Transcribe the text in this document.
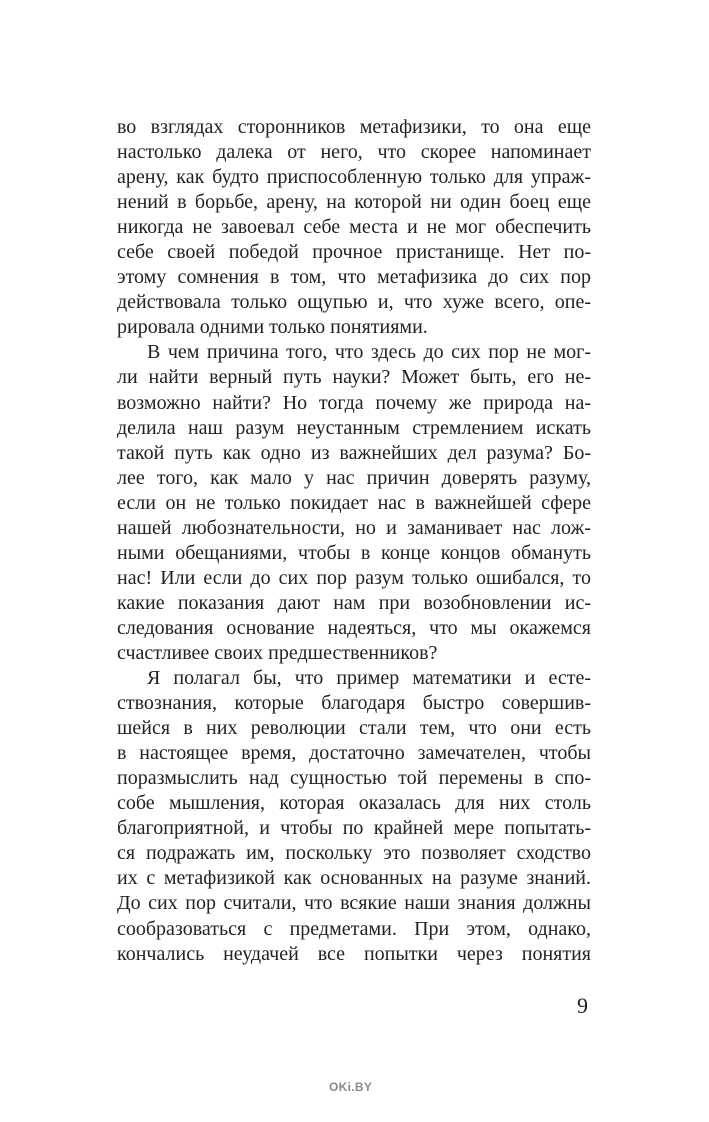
во взглядах сторонников метафизики, то она еще
настолько далека от него, что скорее напоминает
арену, как будто приспособленную только для упраж-
нений в борьбе, арену, на которой ни один боец еще
никогда не завоевал себе места и не мог обеспечить
себе своей победой прочное пристанище. Нет по-
этому сомнения в том, что метафизика до сих пор
действовала только ощупью и, что хуже всего, опе-
рировала одними только понятиями.
В чем причина того, что здесь до сих пор не мог-
ли найти верный путь науки? Может быть, его не-
возможно найти? Но тогда почему же природа на-
делила наш разум неустанным стремлением искать
такой путь как одно из важнейших дел разума? Бо-
лее того, как мало у нас причин доверять разуму,
если он не только покидает нас в важнейшей сфере
нашей любознательности, но и заманивает нас лож-
ными обещаниями, чтобы в конце концов обмануть
нас! Или если до сих пор разум только ошибался, то
какие показания дают нам при возобновлении ис-
следования основание надеяться, что мы окажемся
счастливее своих предшественников?
Я полагал бы, что пример математики и есте-
ствознания, которые благодаря быстро совершив-
шейся в них революции стали тем, что они есть
в настоящее время, достаточно замечателен, чтобы
поразмыслить над сущностью той перемены в спо-
собе мышления, которая оказалась для них столь
благоприятной, и чтобы по крайней мере попытать-
ся подражать им, поскольку это позволяет сходство
их с метафизикой как основанных на разуме знаний.
До сих пор считали, что всякие наши знания должны
сообразоваться с предметами. При этом, однако,
кончались неудачей все попытки через понятия
9
OKi.BY
